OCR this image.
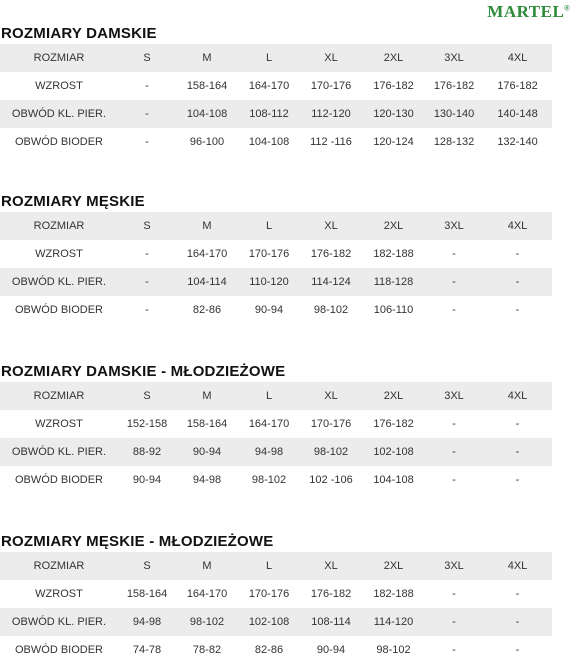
MARTEL®
ROZMIARY DAMSKIE
ROZMIAR	S	M	L	XL	2XL	3XL	4XL
WZROST	-	158-164	164-170	170-176	176-182	176-182	176-182
OBWÓD KL. PIER.	-	104-108	108-112	112-120	120-130	130-140	140-148
OBWÓD BIODER	-	96-100	104-108	112 -116	120-124	128-132	132-140
ROZMIARY MĘSKIE
ROZMIAR	S	M	L	XL	2XL	3XL	4XL
WZROST	-	164-170	170-176	176-182	182-188	-	-
OBWÓD KL. PIER.	-	104-114	110-120	114-124	118-128	-	-
OBWÓD BIODER	-	82-86	90-94	98-102	106-110	-	-
ROZMIARY DAMSKIE - MŁODZIEŻOWE
ROZMIAR	S	M	L	XL	2XL	3XL	4XL
WZROST	152-158	158-164	164-170	170-176	176-182	-	-
OBWÓD KL. PIER.	88-92	90-94	94-98	98-102	102-108	-	-
OBWÓD BIODER	90-94	94-98	98-102	102 -106	104-108	-	-
ROZMIARY MĘSKIE - MŁODZIEŻOWE
ROZMIAR	S	M	L	XL	2XL	3XL	4XL
WZROST	158-164	164-170	170-176	176-182	182-188	-	-
OBWÓD KL. PIER.	94-98	98-102	102-108	108-114	114-120	-	-
OBWÓD BIODER	74-78	78-82	82-86	90-94	98-102	-	-
